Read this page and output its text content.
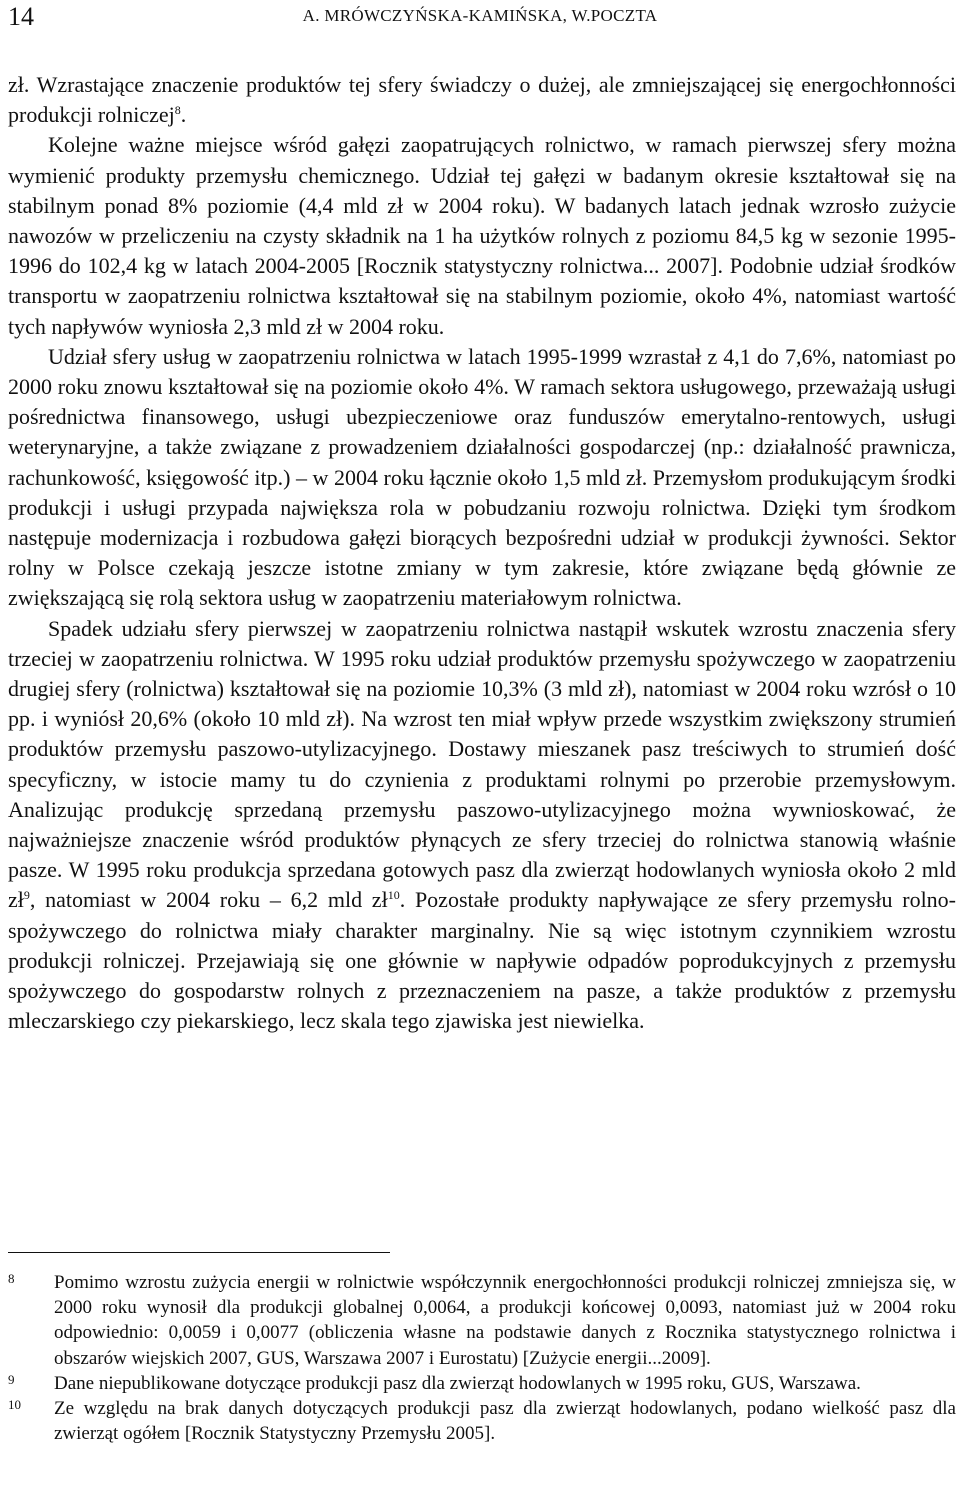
14	A. MRÓWCZYŃSKA-KAMIŃSKA, W.POCZTA

zł. Wzrastające znaczenie produktów tej sfery świadczy o dużej, ale zmniejszającej się energochłonności produkcji rolniczej$^8$.

Kolejne ważne miejsce wśród gałęzi zaopatrujących rolnictwo, w ramach pierwszej sfery można wymienić produkty przemysłu chemicznego. Udział tej gałęzi w badanym okresie kształtował się na stabilnym ponad 8% poziomie (4,4 mld zł w 2004 roku). W badanych latach jednak wzrosło zużycie nawozów w przeliczeniu na czysty składnik na 1 ha użytków rolnych z poziomu 84,5 kg w sezonie 1995-1996 do 102,4 kg w latach 2004-2005 [Rocznik statystyczny rolnictwa... 2007]. Podobnie udział środków transportu w zaopatrzeniu rolnictwa kształtował się na stabilnym poziomie, około 4%, natomiast wartość tych napływów wyniosła 2,3 mld zł w 2004 roku.

Udział sfery usług w zaopatrzeniu rolnictwa w latach 1995-1999 wzrastał z 4,1 do 7,6%, natomiast po 2000 roku znowu kształtował się na poziomie około 4%. W ramach sektora usługowego, przeważają usługi pośrednictwa finansowego, usługi ubezpieczeniowe oraz funduszów emerytalno-rentowych, usługi weterynaryjne, a także związane z prowadzeniem działalności gospodarczej (np.: działalność prawnicza, rachunkowość, księgowość itp.) – w 2004 roku łącznie około 1,5 mld zł. Przemysłom produkującym środki produkcji i usługi przypada największa rola w pobudzaniu rozwoju rolnictwa. Dzięki tym środkom następuje modernizacja i rozbudowa gałęzi biorących bezpośredni udział w produkcji żywności. Sektor rolny w Polsce czekają jeszcze istotne zmiany w tym zakresie, które związane będą głównie ze zwiększającą się rolą sektora usług w zaopatrzeniu materiałowym rolnictwa.

Spadek udziału sfery pierwszej w zaopatrzeniu rolnictwa nastąpił wskutek wzrostu znaczenia sfery trzeciej w zaopatrzeniu rolnictwa. W 1995 roku udział produktów przemysłu spożywczego w zaopatrzeniu drugiej sfery (rolnictwa) kształtował się na poziomie 10,3% (3 mld zł), natomiast w 2004 roku wzrósł o 10 pp. i wyniósł 20,6% (około 10 mld zł). Na wzrost ten miał wpływ przede wszystkim zwiększony strumień produktów przemysłu paszowo-utylizacyjnego. Dostawy mieszanek pasz treściwych to strumień dość specyficzny, w istocie mamy tu do czynienia z produktami rolnymi po przerobie przemysłowym. Analizując produkcję sprzedaną przemysłu paszowo-utylizacyjnego można wywnioskować, że najważniejsze znaczenie wśród produktów płynących ze sfery trzeciej do rolnictwa stanowią właśnie pasze. W 1995 roku produkcja sprzedana gotowych pasz dla zwierząt hodowlanych wyniosła około 2 mld $zł^9$, natomiast w 2004 roku – 6,2 mld $zł^{10}$. Pozostałe produkty napływające ze sfery przemysłu rolno-spożywczego do rolnictwa miały charakter marginalny. Nie są więc istotnym czynnikiem wzrostu produkcji rolniczej. Przejawiają się one głównie w napływie odpadów poprodukcyjnych z przemysłu spożywczego do gospodarstw rolnych z przeznaczeniem na pasze, a także produktów z przemysłu mleczarskiego czy piekarskiego, lecz skala tego zjawiska jest niewielka.

8 Pomimo wzrostu zużycia energii w rolnictwie współczynnik energochłonności produkcji rolniczej zmniejsza się, w 2000 roku wynosił dla produkcji globalnej 0,0064, a produkcji końcowej 0,0093, natomiast już w 2004 roku odpowiednio: 0,0059 i 0,0077 (obliczenia własne na podstawie danych z Rocznika statystycznego rolnictwa i obszarów wiejskich 2007, GUS, Warszawa 2007 i Eurostatu) [Zużycie energii...2009].
9 Dane niepublikowane dotyczące produkcji pasz dla zwierząt hodowlanych w 1995 roku, GUS, Warszawa.
10 Ze względu na brak danych dotyczących produkcji pasz dla zwierząt hodowlanych, podano wielkość pasz dla zwierząt ogółem [Rocznik Statystyczny Przemysłu 2005].
